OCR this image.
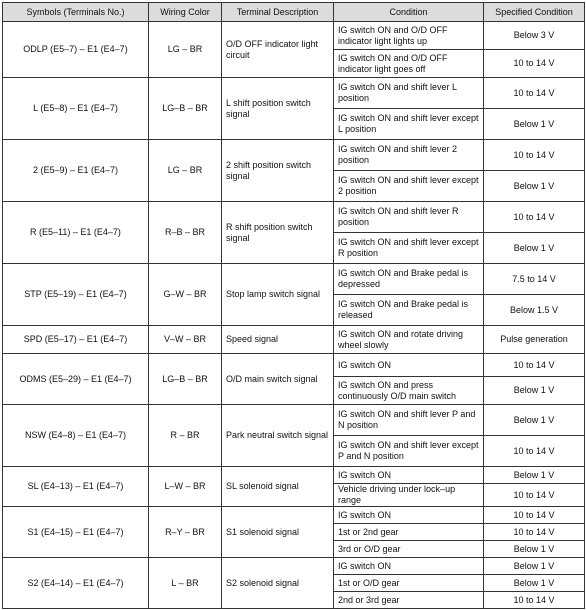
Symbols (Terminals No.)	Wiring Color	Terminal Description	Condition	Specified Condition
ODLP (E5–7) – E1 (E4–7)	LG – BR	O/D OFF indicator light circuit	IG switch ON and O/D OFF indicator light lights up	Below 3 V
			IG switch ON and O/D OFF indicator light goes off	10 to 14 V
L (E5–8) – E1 (E4–7)	LG–B – BR	L shift position switch signal	IG switch ON and shift lever L position	10 to 14 V
			IG switch ON and shift lever except L position	Below 1 V
2 (E5–9) – E1 (E4–7)	LG – BR	2 shift position switch signal	IG switch ON and shift lever 2 position	10 to 14 V
			IG switch ON and shift lever except 2 position	Below 1 V
R (E5–11) – E1 (E4–7)	R–B – BR	R shift position switch signal	IG switch ON and shift lever R position	10 to 14 V
			IG switch ON and shift lever except R position	Below 1 V
STP (E5–19) – E1 (E4–7)	G–W – BR	Stop lamp switch signal	IG switch ON and Brake pedal is depressed	7.5 to 14 V
			IG switch ON and Brake pedal is released	Below 1.5 V
SPD (E5–17) – E1 (E4–7)	V–W – BR	Speed signal	IG switch ON and rotate driving wheel slowly	Pulse generation
ODMS (E5–29) – E1 (E4–7)	LG–B – BR	O/D main switch signal	IG switch ON	10 to 14 V
			IG switch ON and press continuously O/D main switch	Below 1 V
NSW (E4–8) – E1 (E4–7)	R – BR	Park neutral switch signal	IG switch ON and shift lever P and N position	Below 1 V
			IG switch ON and shift lever except P and N position	10 to 14 V
SL (E4–13) – E1 (E4–7)	L–W – BR	SL solenoid signal	IG switch ON	Below 1 V
			Vehicle driving under lock–up range	10 to 14 V
S1 (E4–15) – E1 (E4–7)	R–Y – BR	S1 solenoid signal	IG switch ON	10 to 14 V
			1st or 2nd gear	10 to 14 V
			3rd or O/D gear	Below 1 V
S2 (E4–14) – E1 (E4–7)	L – BR	S2 solenoid signal	IG switch ON	Below 1 V
			1st or O/D gear	Below 1 V
			2nd or 3rd gear	10 to 14 V
